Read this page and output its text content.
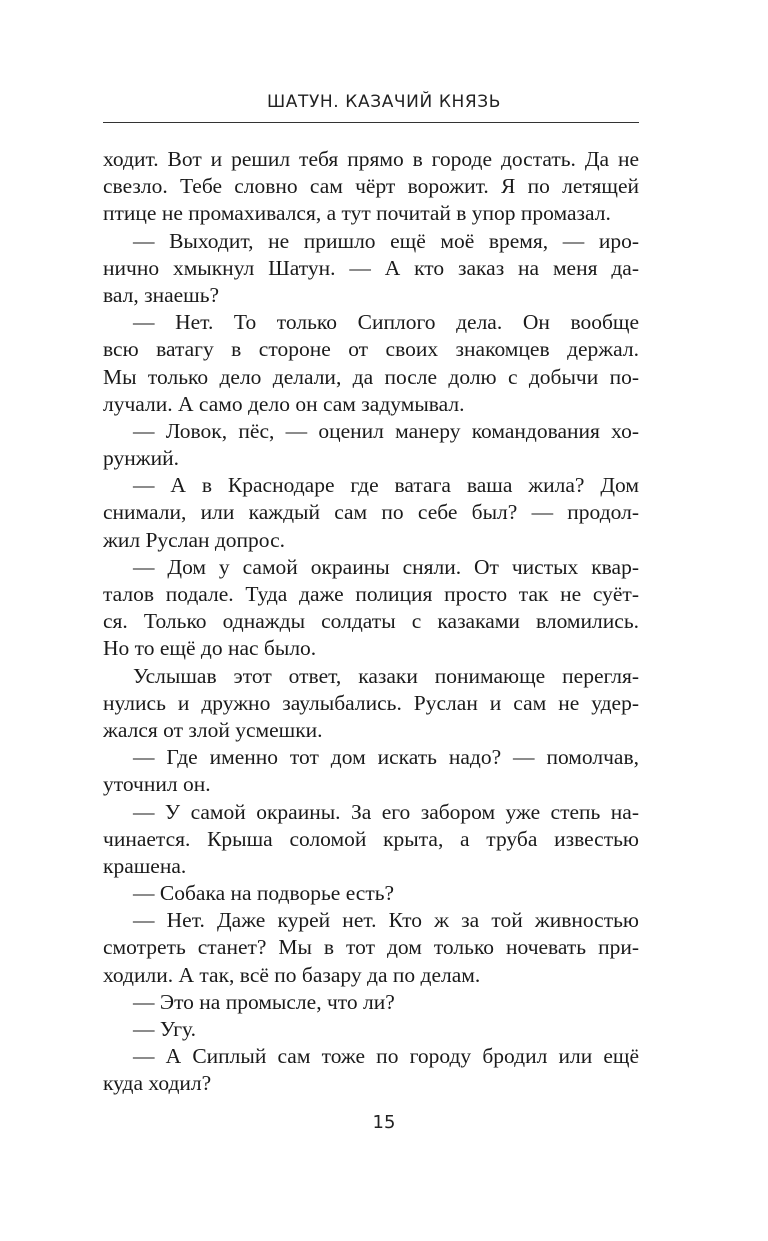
ШАТУН. КАЗАЧИЙ КНЯЗЬ
ходит. Вот и решил тебя прямо в городе достать. Да не
свезло. Тебе словно сам чёрт ворожит. Я по летящей
птице не промахивался, а тут почитай в упор промазал.
— Выходит, не пришло ещё моё время, — иро-
нично хмыкнул Шатун. — А кто заказ на меня да-
вал, знаешь?
— Нет. То только Сиплого дела. Он вообще
всю ватагу в стороне от своих знакомцев держал.
Мы только дело делали, да после долю с добычи по-
лучали. А само дело он сам задумывал.
— Ловок, пёс, — оценил манеру командования хо-
рунжий.
— А в Краснодаре где ватага ваша жила? Дом
снимали, или каждый сам по себе был? — продол-
жил Руслан допрос.
— Дом у самой окраины сняли. От чистых квар-
талов подале. Туда даже полиция просто так не суёт-
ся. Только однажды солдаты с казаками вломились.
Но то ещё до нас было.
Услышав этот ответ, казаки понимающе перегля-
нулись и дружно заулыбались. Руслан и сам не удер-
жался от злой усмешки.
— Где именно тот дом искать надо? — помолчав,
уточнил он.
— У самой окраины. За его забором уже степь на-
чинается. Крыша соломой крыта, а труба известью
крашена.
— Собака на подворье есть?
— Нет. Даже курей нет. Кто ж за той живностью
смотреть станет? Мы в тот дом только ночевать при-
ходили. А так, всё по базару да по делам.
— Это на промысле, что ли?
— Угу.
— А Сиплый сам тоже по городу бродил или ещё
куда ходил?
15
